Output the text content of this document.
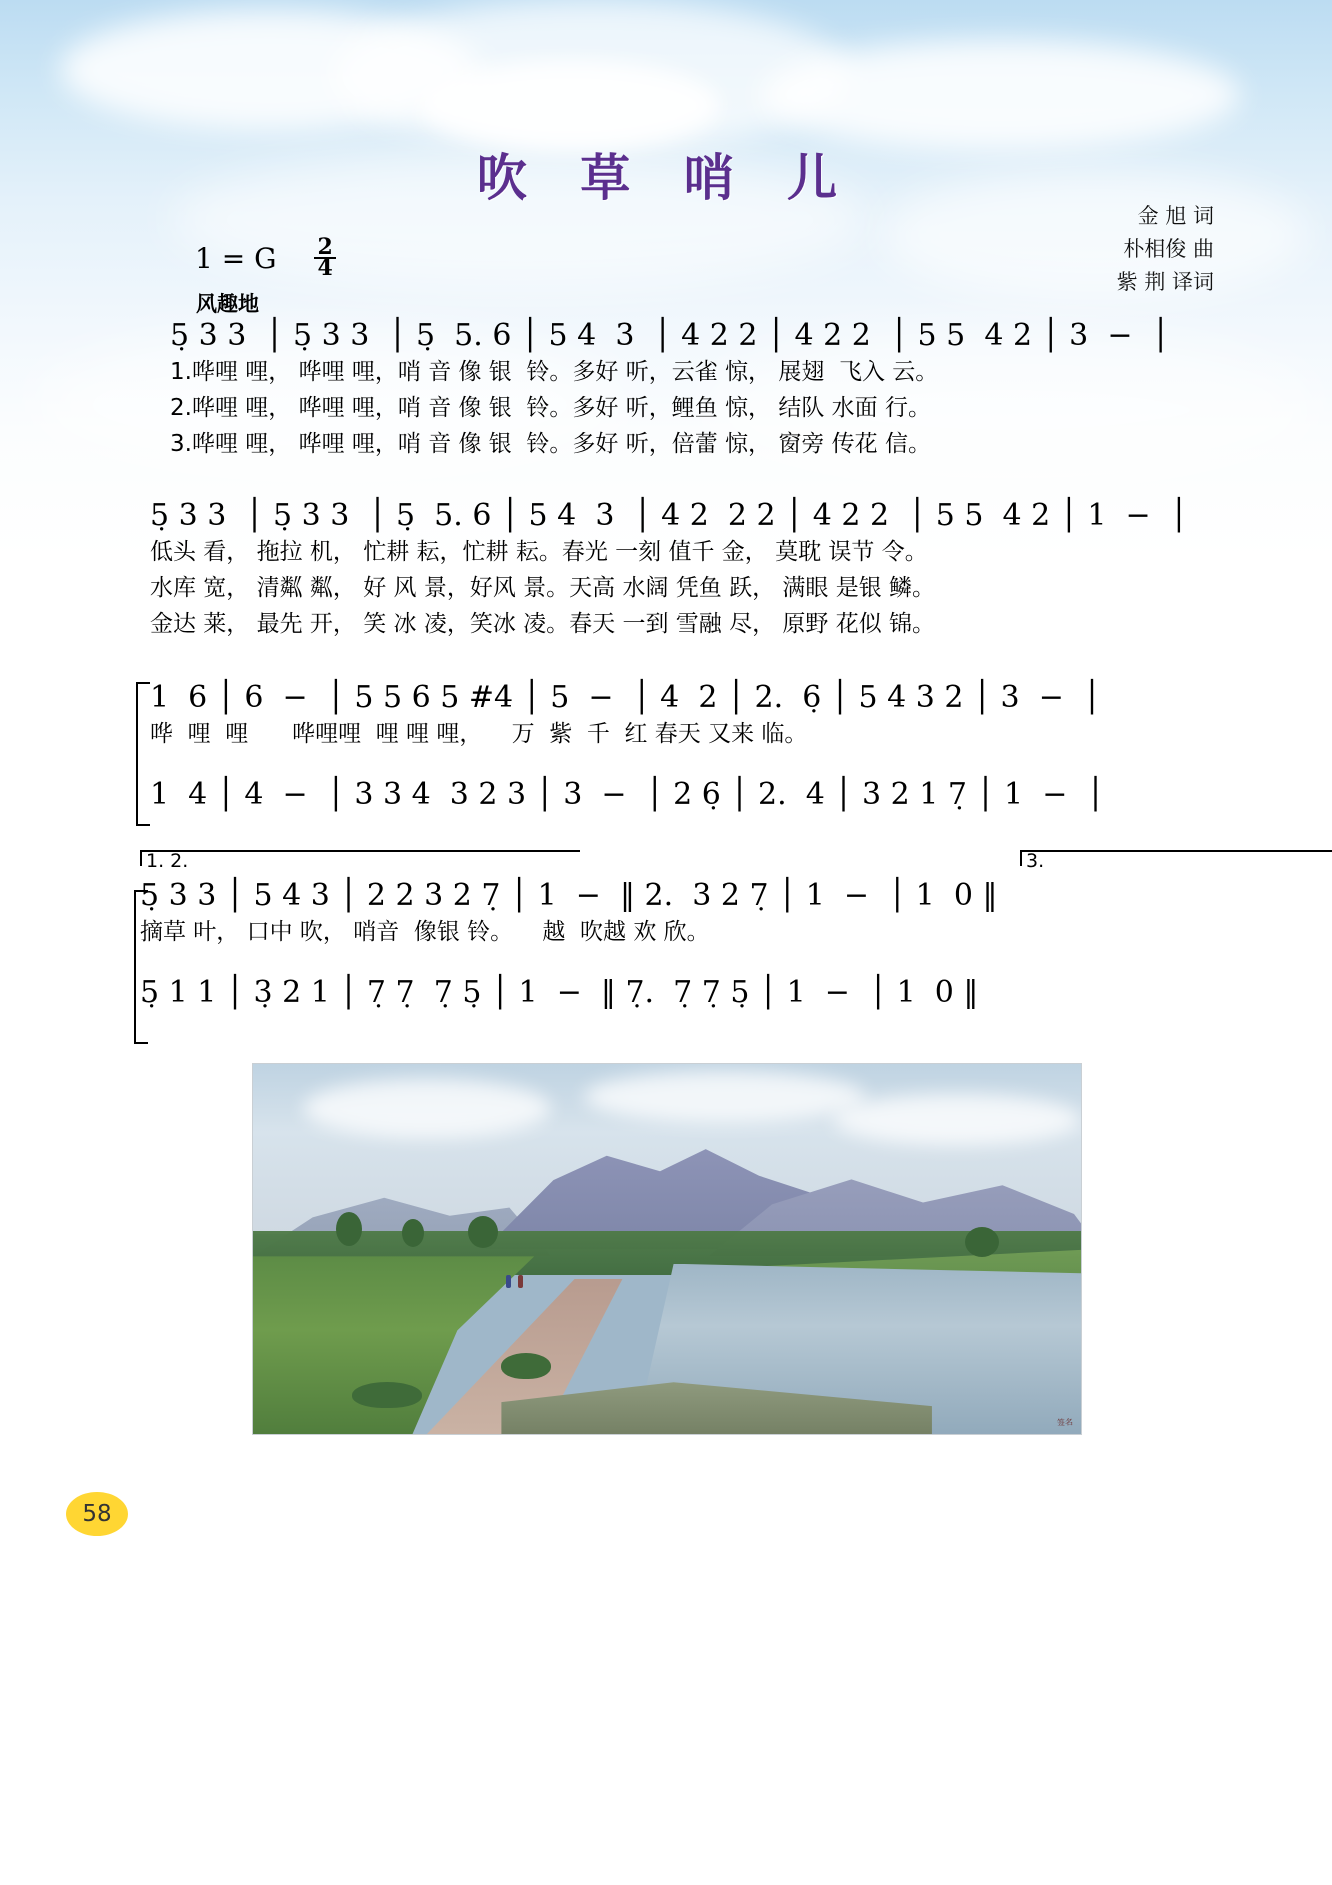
吹 草 哨 儿
金 旭 词
朴相俊 曲
紫 荆 译词
1 = G $\frac{2}{4}$
风趣地
5̣ 3 3  │ 5̣ 3 3  │ 5̣  5. 6 │ 5 4  3  │ 4 2 2 │ 4 2 2  │ 5 5  4 2 │ 3  −  │
1.哗哩 哩， 哗哩 哩，哨 音 像 银  铃。多好 听，云雀 惊， 展翅  飞入 云。
2.哗哩 哩， 哗哩 哩，哨 音 像 银  铃。多好 听，鲤鱼 惊， 结队 水面 行。
3.哗哩 哩， 哗哩 哩，哨 音 像 银  铃。多好 听，倍蕾 惊， 窗旁 传花 信。
5̣ 3 3  │ 5̣ 3 3  │ 5̣  5. 6 │ 5 4  3  │ 4 2  2 2 │ 4 2 2  │ 5 5  4 2 │ 1  −  │
低头 看， 拖拉 机， 忙耕 耘，忙耕 耘。春光 一刻 值千 金， 莫耽 误节 令。
水库 宽， 清粼 粼， 好 风 景，好风 景。天高 水阔 凭鱼 跃， 满眼 是银 鳞。
金达 莱， 最先 开， 笑 冰 凌，笑冰 凌。春天 一到 雪融 尽， 原野 花似 锦。
1  6 │ 6  −  │ 5 5 6 5 #4 │ 5  −  │ 4  2 │ 2.  6̣ │ 5 4 3 2 │ 3  −  │
哗  哩  哩      哗哩哩  哩 哩 哩，    万  紫  千  红 春天 又来 临。
1  4 │ 4  −  │ 3 3 4  3 2 3 │ 3  −  │ 2 6̣ │ 2.  4 │ 3 2 1 7̣ │ 1  −  │
1. 2.	3.
5̣ 3 3 │ 5 4 3 │ 2 2 3 2 7̣ │ 1  −  ‖ 2.  3 2 7̣ │ 1  −  │ 1  0 ‖
摘草 叶， 口中 吹， 哨音  像银 铃。    越  吹越 欢 欣。
5̣ 1 1 │ 3̣ 2 1 │ 7̣ 7̣  7̣ 5̣ │ 1  −  ‖ 7̣.  7̣ 7̣ 5̣ │ 1  −  │ 1  0 ‖
签名
58
